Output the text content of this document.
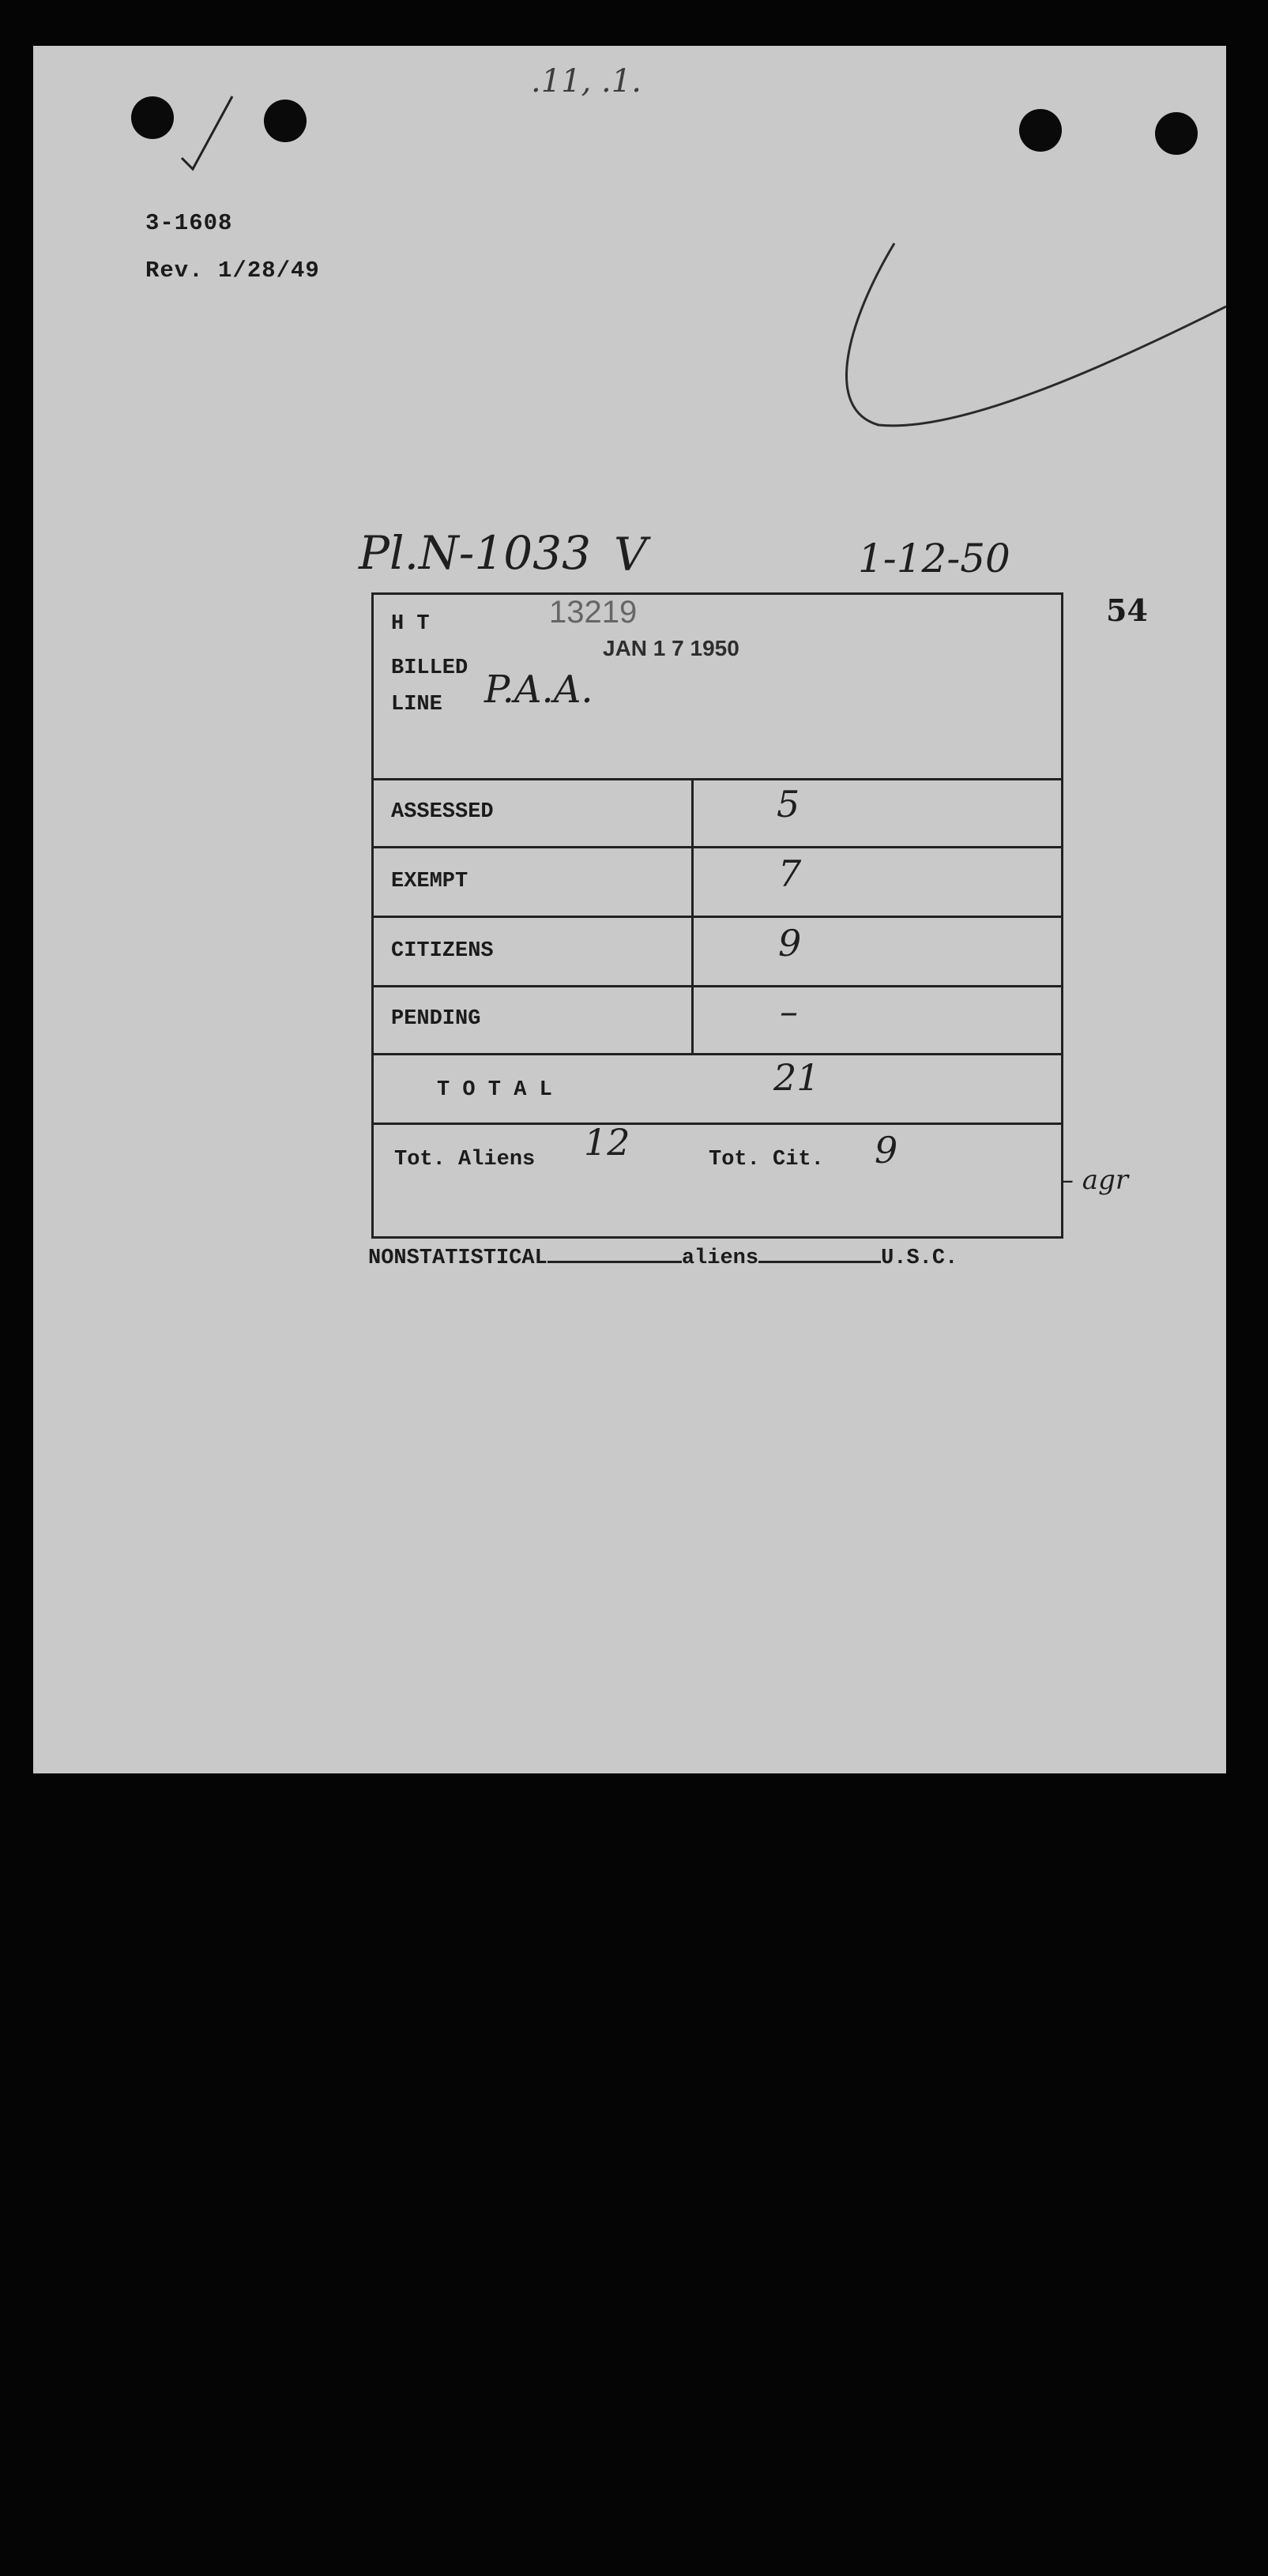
.11, .1.
3-1608
Rev. 1/28/49
Pl.N-1033 V	1-12-50
54
H T	13219
BILLED
JAN 1 7 1950
LINE P.A.A.
ASSESSED	5
EXEMPT	7
CITIZENS	9
PENDING	–
T O T A L	21
Tot. Aliens 12	Tot. Cit. 9
NONSTATISTICAL	aliens	U.S.C.
– agr
